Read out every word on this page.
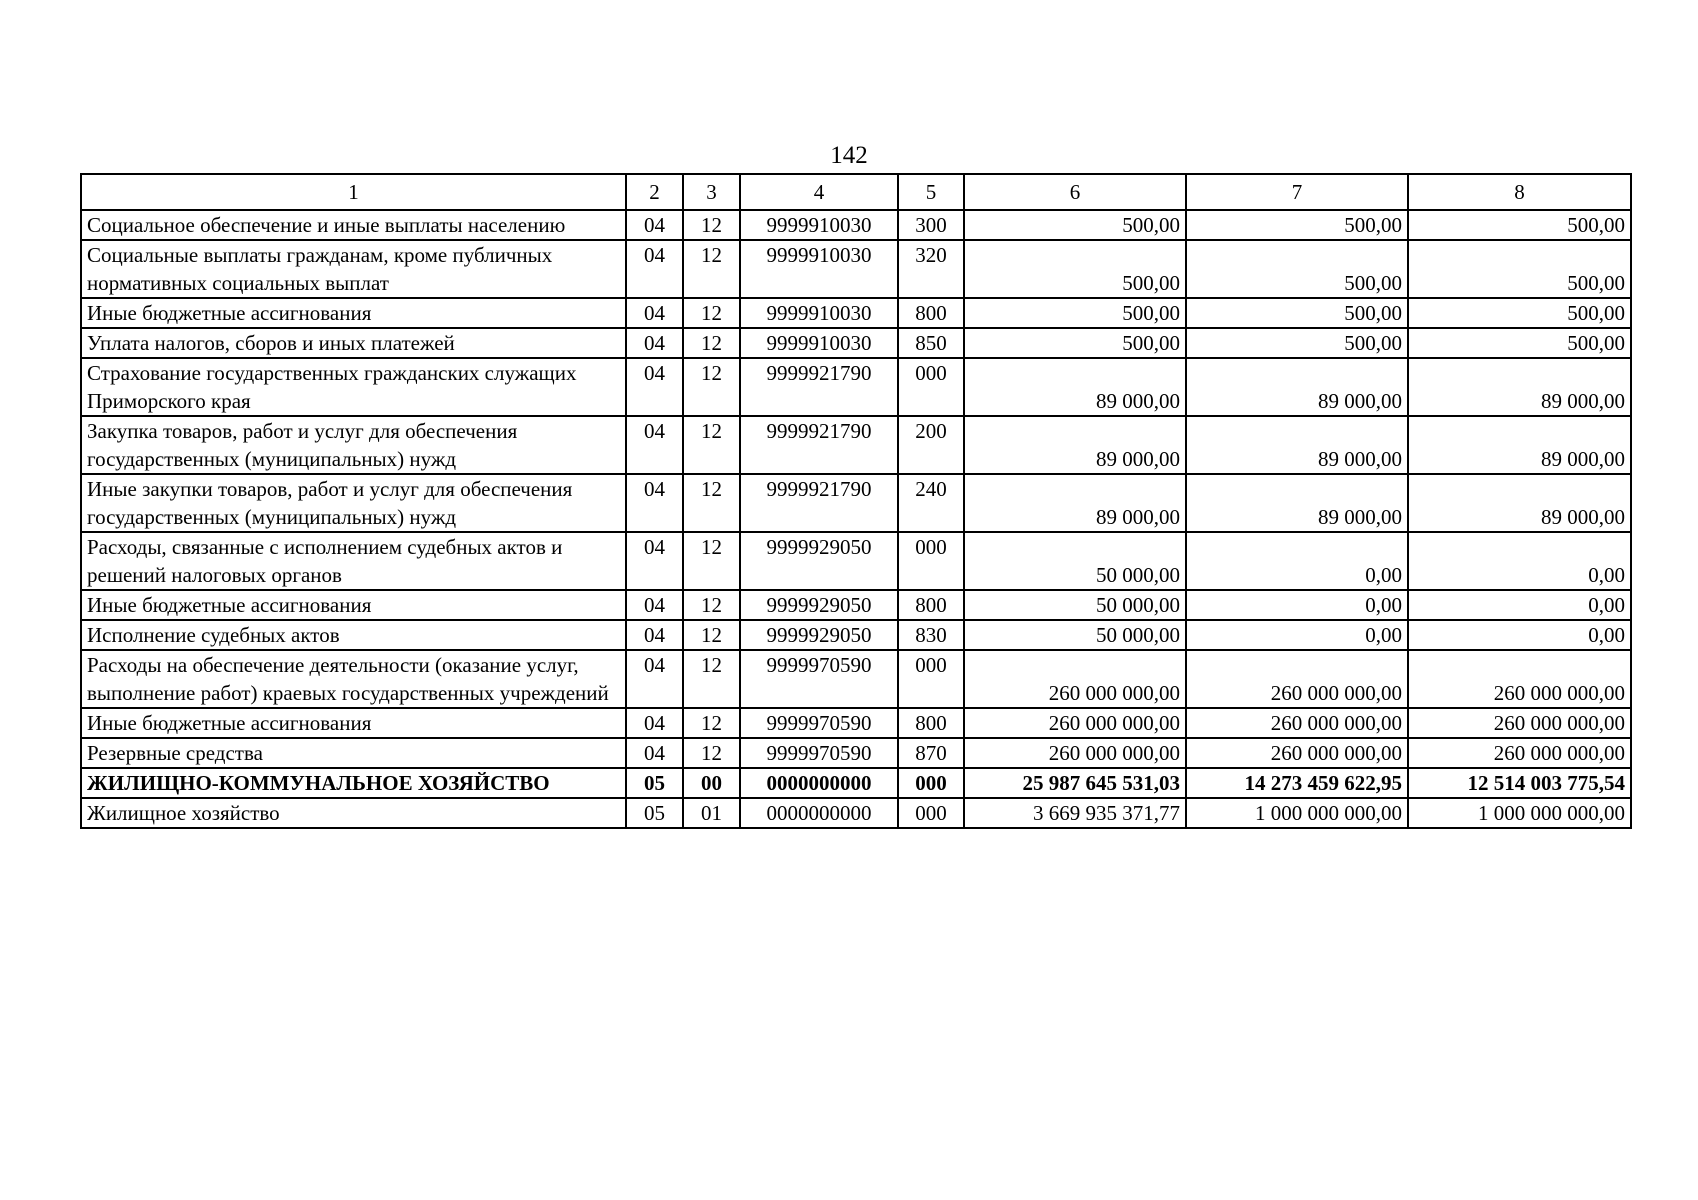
142
1	2	3	4	5	6	7	8
Социальное обеспечение и иные выплаты населению	04	12	9999910030	300	500,00	500,00	500,00
Социальные выплаты гражданам, кроме публичных нормативных социальных выплат	04	12	9999910030	320	500,00	500,00	500,00
Иные бюджетные ассигнования	04	12	9999910030	800	500,00	500,00	500,00
Уплата налогов, сборов и иных платежей	04	12	9999910030	850	500,00	500,00	500,00
Страхование государственных гражданских служащих Приморского края	04	12	9999921790	000	89 000,00	89 000,00	89 000,00
Закупка товаров, работ и услуг для обеспечения государственных (муниципальных) нужд	04	12	9999921790	200	89 000,00	89 000,00	89 000,00
Иные закупки товаров, работ и услуг для обеспечения государственных (муниципальных) нужд	04	12	9999921790	240	89 000,00	89 000,00	89 000,00
Расходы, связанные с исполнением судебных актов и решений налоговых органов	04	12	9999929050	000	50 000,00	0,00	0,00
Иные бюджетные ассигнования	04	12	9999929050	800	50 000,00	0,00	0,00
Исполнение судебных актов	04	12	9999929050	830	50 000,00	0,00	0,00
Расходы на обеспечение деятельности (оказание услуг, выполнение работ) краевых государственных учреждений	04	12	9999970590	000	260 000 000,00	260 000 000,00	260 000 000,00
Иные бюджетные ассигнования	04	12	9999970590	800	260 000 000,00	260 000 000,00	260 000 000,00
Резервные средства	04	12	9999970590	870	260 000 000,00	260 000 000,00	260 000 000,00
ЖИЛИЩНО-КОММУНАЛЬНОЕ ХОЗЯЙСТВО	05	00	0000000000	000	25 987 645 531,03	14 273 459 622,95	12 514 003 775,54
Жилищное хозяйство	05	01	0000000000	000	3 669 935 371,77	1 000 000 000,00	1 000 000 000,00
